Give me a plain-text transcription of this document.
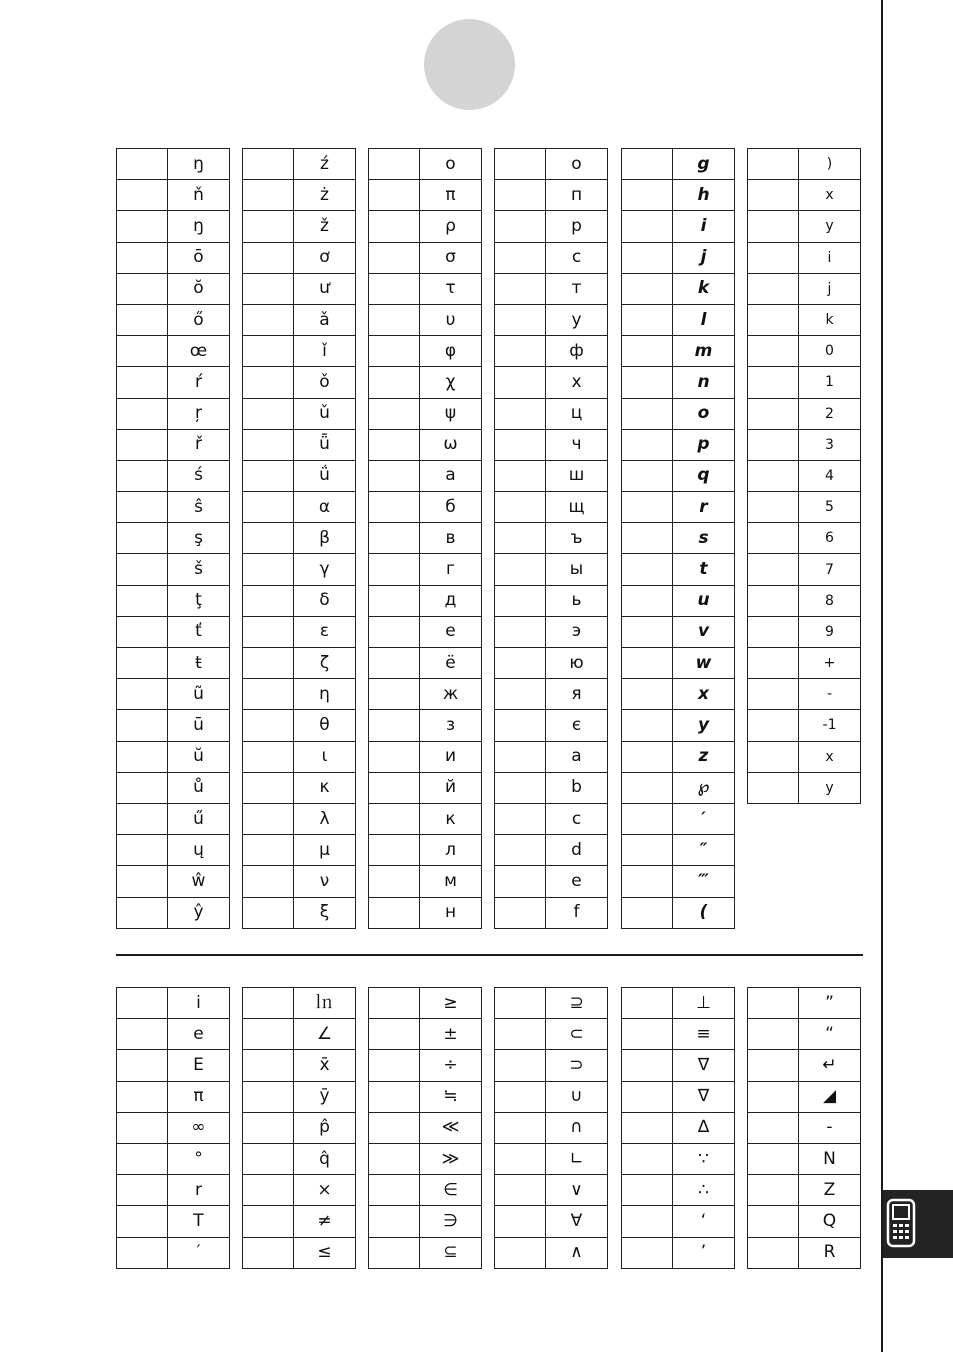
	ŋ
	ň
	ŋ
	ō
	ŏ
	ő
	œ
	ŕ
	ŗ
	ř
	ś
	ŝ
	ş
	š
	ţ
	ť
	ŧ
	ũ
	ū
	ŭ
	ů
	ű
	ų
	ŵ
	ŷ
	ź
	ż
	ž
	ơ
	ư
	ǎ
	ǐ
	ǒ
	ǔ
	ǖ
	ǘ
	α
	β
	γ
	δ
	ε
	ζ
	η
	θ
	ι
	κ
	λ
	μ
	ν
	ξ
	ο
	π
	ρ
	σ
	τ
	υ
	φ
	χ
	ψ
	ω
	а
	б
	в
	г
	д
	е
	ё
	ж
	з
	и
	й
	к
	л
	м
	н
	о
	п
	р
	с
	т
	у
	ф
	х
	ц
	ч
	ш
	щ
	ъ
	ы
	ь
	э
	ю
	я
	є
	a
	b
	c
	d
	e
	f
	g
	h
	i
	j
	k
	l
	m
	n
	o
	p
	q
	r
	s
	t
	u
	v
	w
	x
	y
	z
	℘
	′
	″
	‴
	(
	)
	x
	y
	i
	j
	k
	0
	1
	2
	3
	4
	5
	6
	7
	8
	9
	+
	-
	-1
	x
	y
	i
	e
	E
	π
	∞
	°
	r
	T
	′
	㏑
	∠
	x̄
	ȳ
	p̂
	q̂
	×
	≠
	≤
	≥
	±
	÷
	≒
	≪
	≫
	∈
	∋
	⊆
	⊇
	⊂
	⊃
	∪
	∩
	∟
	∨
	∀
	∧
	⊥
	≡
	∇
	∇
	∆
	∵
	∴
	‘
	’
	”
	“
	↵
	◢
	-
	N
	Z
	Q
	R
